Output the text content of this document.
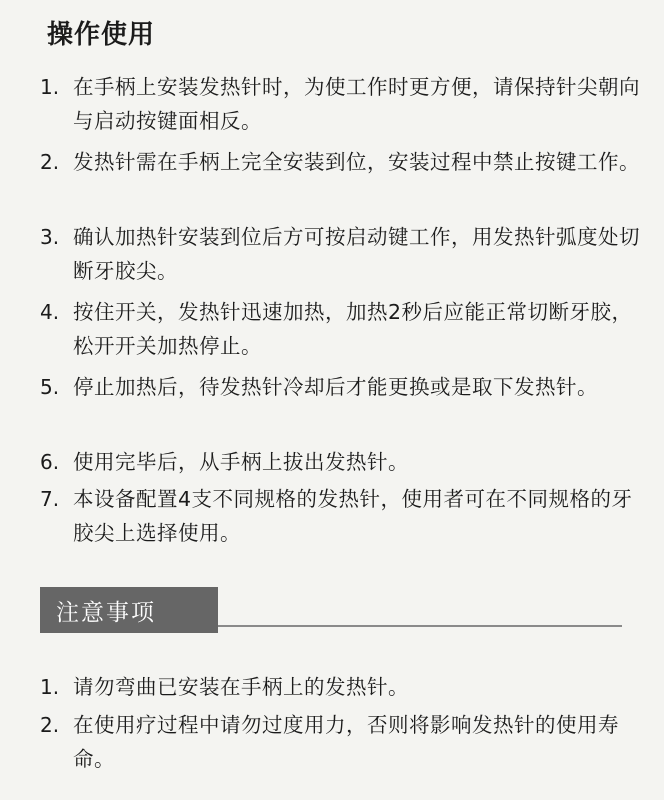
操作使用
1. 在手柄上安装发热针时，为使工作时更方便，请保持针尖朝向与启动按键面相反。
2. 发热针需在手柄上完全安装到位，安装过程中禁止按键工作。
3. 确认加热针安装到位后方可按启动键工作，用发热针弧度处切断牙胶尖。
4. 按住开关，发热针迅速加热，加热2秒后应能正常切断牙胶，松开开关加热停止。
5. 停止加热后，待发热针冷却后才能更换或是取下发热针。
6. 使用完毕后，从手柄上拔出发热针。
7. 本设备配置4支不同规格的发热针，使用者可在不同规格的牙胶尖上选择使用。
注意事项
1. 请勿弯曲已安装在手柄上的发热针。
2. 在使用疗过程中请勿过度用力，否则将影响发热针的使用寿命。
